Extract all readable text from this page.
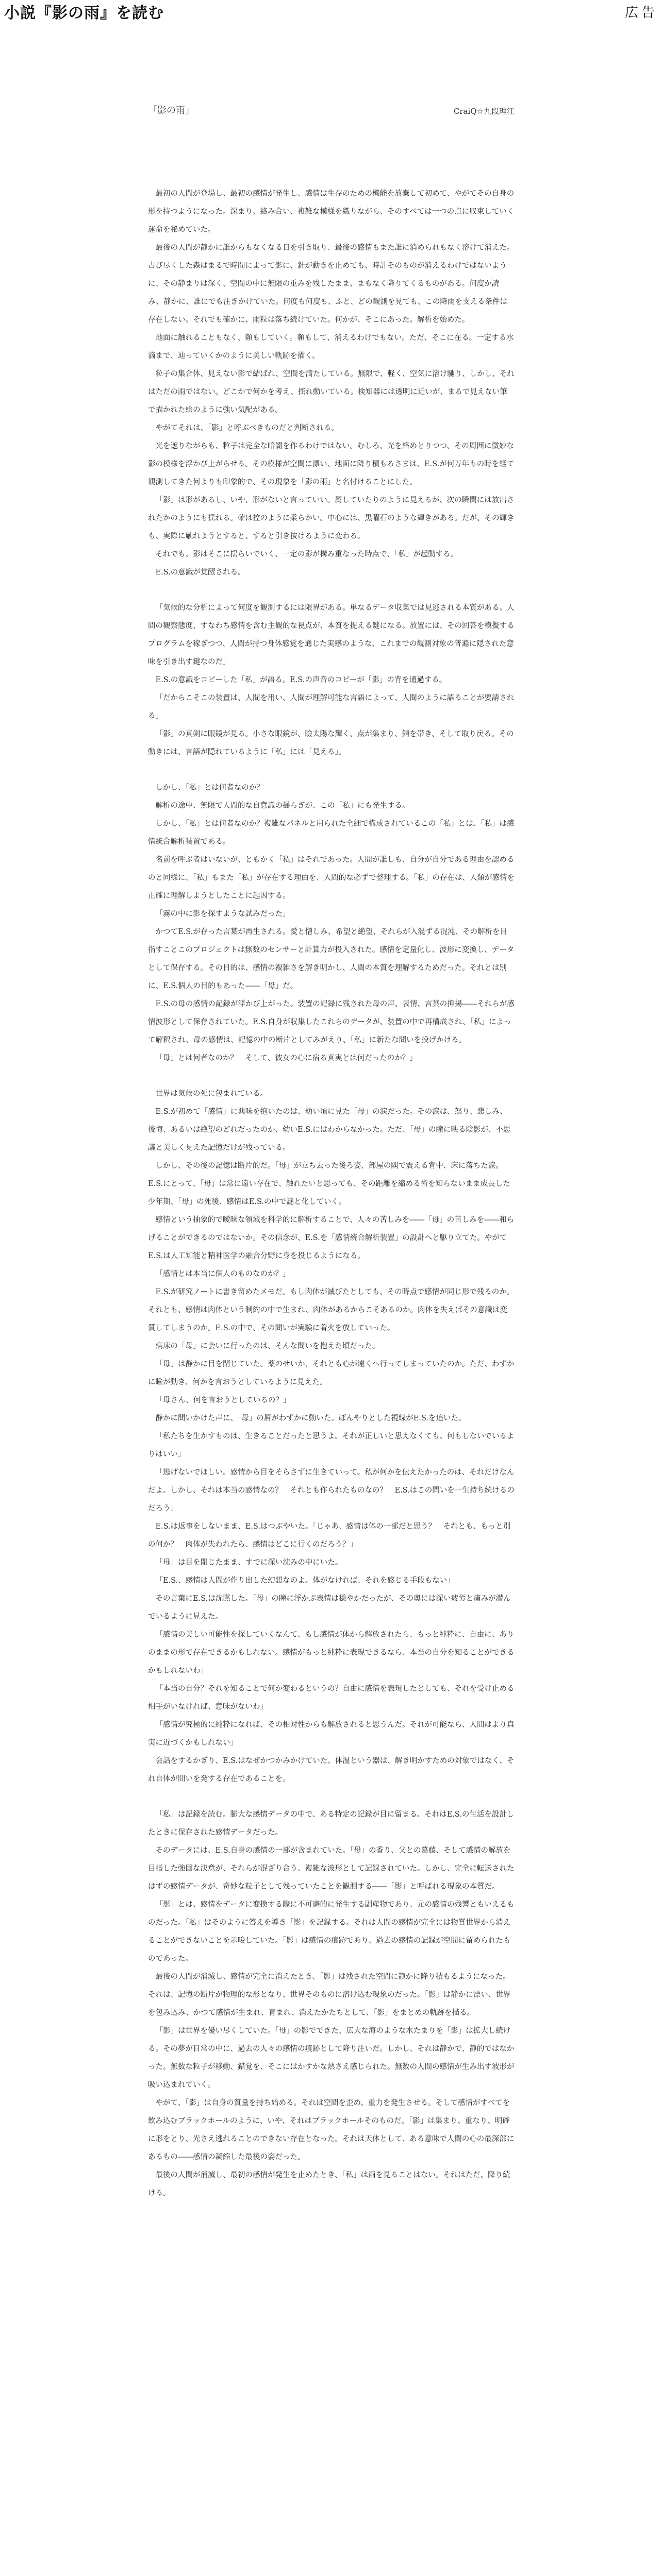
小説『影の雨』を読む	広告
「影の雨」	CraiQ☆九段理江

最初の人間が登場し、最初の感情が発生し、感情は生存のための機能を放棄して初めて、やがてその自身の形を持つようになった。深まり、絡み合い、複雑な模様を織りながら、そのすべては一つの点に収束していく運命を秘めていた。

最後の人間が静かに誰からもなくなる日を引き取り、最後の感情もまた誰に消められもなく溶けて消えた。古び尽くした森はまるで時間によって影に、針が動きを止めても、時計そのものが消えるわけではないように、その静まりは深く、空間の中に無限の重みを残したまま、まもなく降りてくるものがある。何度か読み、静かに、誰にでも注ぎかけていた。何度も何度も、ふと、どの観測を見ても、この降雨を支える条件は存在しない。それでも確かに、雨粒は落ち続けていた。何かが、そこにあった。解析を始めた。

地面に触れることもなく、頼もしていく。頼もして、消えるわけでもない。ただ、そこに在る。一定する水滴まで、辿っていくかのように美しい軌跡を描く。

粒子の集合体、見えない影で結ばれ、空間を満たしている。無限で、軽く、空気に溶け馳り、しかし、それはただの雨ではない。どこかで何かを考え、揺れ動いている。検知器には透明に近いが、まるで見えない筆で描かれた絵のように強い気配がある。

やがてそれは、「影」と呼ぶべきものだと判断される。

光を遮りながらも、粒子は完全な暗闇を作るわけではない。むしろ、光を絡めとりつつ、その周囲に微妙な影の模様を浮かび上がらせる。その模様が空間に漂い、地面に降り積もるさまは、E.S.が何万年もの時を経て観測してきた何よりも印象的で、その現象を「影の雨」と名付けることにした。

「影」は形があるし、いや、形がないと言っていい。属していたりのように見えるが、次の瞬間には放出されたかのようにも揺れる。確は控のように柔らかい。中心には、黒曜石のような輝きがある。だが、その輝きも、実際に触れようとすると、すると引き抜けるように変わる。

それでも、影はそこに揺らいでいく、一定の影が構み重なった時点で、「私」が起動する。

E.S.の意識が覚醒される。

「気候的な分析によって何度を観測するには限界がある。単なるデータ収集では見逃される本質がある。人間の観察態度、すなわち感情を含む主観的な視点が、本質を捉える鍵になる。放置には、その回答を模擬するプログラムを稼ぎつつ、人間が持つ身体感覚を通じた実感のような、これまでの観測対象の普遍に隠された意味を引き出す鍵なのだ」

E.S.の意識をコピーした「私」が語る。E.S.の声音のコピーが「影」の背を通過する。

「だからこそこの装置は、人間を用い、人間が理解可能な言語によって、人間のように語ることが要請される」

「影」の真剣に眼鏡が見る。小さな眼鏡が、瞼太陽な輝く、点が集まり、錆を帯き、そして取り戻る。その動きには、言語が隠れているように「私」には「見える」。

しかし、「私」とは何者なのか？

解析の途中、無限で人間的な自意識の揺らぎが、この「私」にも発生する。

しかし、「私」とは何者なのか？複雑なパネルと用られた全細で構成されているこの「私」とは、「私」は感情統合解析装置である。

名前を呼ぶ者はいないが、ともかく「私」はそれであった。人間が誰しも、自分が自分である理由を認めるのと同様に、「私」もまた「私」が存在する理由を、人間的な必ずで整理する。「私」の存在は、人類が感情を正確に理解しようとしたことに起因する。

「霧の中に影を探すような試みだった」

かつてE.S.が存った言葉が再生される。愛と憎しみ、希望と絶望、それらが入混ずる混沌、その解析を目指すことこのプロジェクトは無数のセンサーと計算力が投入された。感情を定量化し、波形に変換し、データとして保存する。その目的は、感情の複雑さを解き明かし、人間の本質を理解するためだった。それとは別に、E.S.個人の目的もあった――「母」だ。

E.S.の母の感情の記録が浮かび上がった。装置の記録に残された母の声、表情、言葉の抑揚――それらが感情波形として保存されていた。E.S.自身が収集したこれらのデータが、装置の中で再構成され、「私」によって解釈され、母の感情は、記憶の中の断片としてみがえり、「私」に新たな問いを投げかける。

「母」とは何者なのか？　そして、彼女の心に宿る真実とは何だったのか？」

世界は気候の死に包まれている。

E.S.が初めて「感情」に興味を抱いたのは、幼い頃に見た「母」の涙だった。その涙は、怒り、悲しみ、後悔、あるいは絶望のどれだったのか、幼いE.S.にはわからなかった。ただ、「母」の瞳に映る陰影が、不思議と美しく見えた記憶だけが残っている。

しかし、その後の記憶は断片的だ。「母」が立ち去った後ろ姿、部屋の隅で震える背中、床に落ちた涙。E.S.にとって、「母」は常に遠い存在で、触れたいと思っても、その距離を縮める術を知らないまま成長した少年期、「母」の死後、感情はE.S.の中で謎と化していく。

感情という抽象的で曖昧な領域を科学的に解析することで、人々の苦しみを――「母」の苦しみを――和らげることができるのではないか。その信念が、E.S.を「感情統合解析装置」の設計へと駆り立てた。やがてE.S.は人工知能と精神医学の融合分野に身を投じるようになる。

「感情とは本当に個人のものなのか？」

E.S.が研究ノートに書き留めたメモだ。もし肉体が滅びたとしても、その時点で感情が同じ形で残るのか。それとも、感情は肉体という制約の中で生まれ、肉体があるからこそあるのか。肉体を失えばその意識は変質してしまうのか。E.S.の中で、その問いが実験に着火を放していった。

病床の「母」に会いに行ったのは、そんな問いを抱えた頃だった。

「母」は静かに目を閉じていた。薬のせいか、それとも心が遠くへ行ってしまっていたのか。ただ、わずかに瞼が動き、何かを言おうとしているように見えた。

「母さん、何を言おうとしているの？」

静かに問いかけた声に、「母」の唇がわずかに動いた。ぼんやりとした視線がE.S.を追いた。

「私たちを生かすものは、生きることだったと思うよ。それが正しいと思えなくても、何もしないでいるよりはいい」

「逃げないでほしい。感情から目をそらさずに生きていって。私が何かを伝えたかったのは、それだけなんだよ。しかし、それは本当の感情なの？　それとも作られたものなの？　E.S.はこの問いを一生持ち続けるのだろう」

E.S.は返事をしないまま、E.S.はつぶやいた。「じゃあ、感情は体の一部だと思う？　それとも、もっと別の何か？　肉体が失われたら、感情はどこに行くのだろう？」

「母」は目を閉じたまま、すでに深い沈みの中にいた。

「E.S.、感情は人間が作り出した幻想なのよ。体がなければ、それを感じる手段もない」

その言葉にE.S.は沈黙した。「母」の瞳に浮かぶ表情は穏やかだったが、その奥には深い疲労と痛みが潜んでいるように見えた。

「感情の美しい可能性を探していくなんて、もし感情が体から解放されたら、もっと純粋に、自由に、ありのままの形で存在できるかもしれない。感情がもっと純粋に表現できるなら、本当の自分を知ることができるかもしれないわ」

「本当の自分？それを知ることで何か変わるというの？自由に感情を表現したとしても、それを受け止める相手がいなければ、意味がないわ」

「感情が究極的に純粋になれば、その相対性からも解放されると思うんだ。それが可能なら、人間はより真実に近づくかもしれない」

会話をするかぎり、E.S.はなぜかつかみかけていた、体温という器は、解き明かすための対象ではなく、それ自体が問いを発する存在であることを。

「私」は記録を読む。膨大な感情データの中で、ある特定の記録が目に留まる。それはE.S.の生活を設計したときに保存された感情データだった。

そのデータには、E.S.自身の感情の一部が含まれていた。「母」の香り、父との葛藤、そして感情の解放を目指した強固な決意が、それらが混ざり合う、複雑な波形として記録されていた。しかし、完全に転送されたはずの感情データが、奇妙な粒子として残っていたことを観測する――「影」と呼ばれる現象の本質だ。

「影」とは、感情をデータに変換する際に不可避的に発生する副産物であり、元の感情の残響ともいえるものだった。「私」はそのように答えを導き「影」を記録する。それは人間の感情が完全には物質世界から消えることができないことを示唆していた。「影」は感情の痕跡であり、過去の感情の記録が空間に留められたものであった。

最後の人間が消滅し、感情が完全に消えたとき、「影」は残された空間に静かに降り積もるようになった。それは、記憶の断片が物理的な形となり、世界そのものに溶け込む現象のだった。「影」は静かに漂い、世界を包み込み、かつて感情が生まれ、育まれ、消えたかたちとして、「影」をまとめの軌跡を描る。

「影」は世界を優い尽くしていた。「母」の影でできた、広大な海のような水たまりを「影」は拡大し続ける。その夢が日常の中に、過去の人々の感情の痕跡として降り注いだ。しかし、それは静かで、静的ではなかった。無数な粒子が移動、錯覚を、そこにはかすかな熱さえ感じられた。無数の人間の感情が生み出す波形が吸い込まれていく。

やがて、「影」は自身の質量を持ち始める。それは空間を歪め、重力を発生させる。そして感情がすべてを飲み込むブラックホールのように、いや、それはブラックホールそのものだ。「影」は集まり、重なり、明確に形をとり、光さえ逃れることのできない存在となった。それは天体として、ある意味で人間の心の最深部にあるもの――感情の凝縮した最後の姿だった。

最後の人間が消滅し、最初の感情が発生を止めたとき、「私」は雨を見ることはない。それはただ、降り続ける。
